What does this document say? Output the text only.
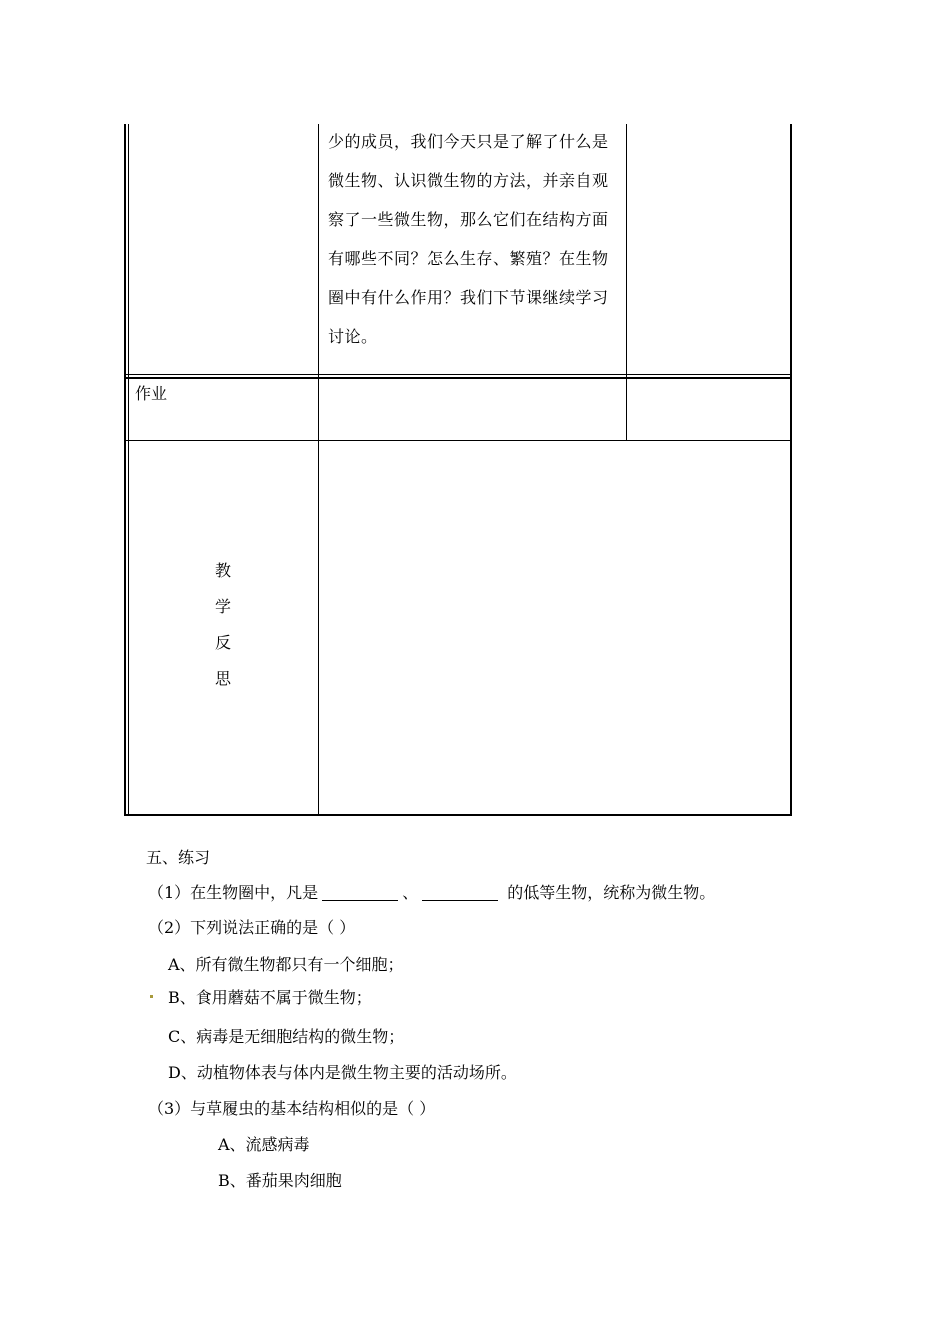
少的成员，我们今天只是了解了什么是
微生物、认识微生物的方法，并亲自观
察了一些微生物，那么它们在结构方面
有哪些不同？怎么生存、繁殖？在生物
圈中有什么作用？我们下节课继续学习
讨论。
作业
教
学
反
思
五、练习
（1）在生物圈中，凡是	、	的低等生物，统称为微生物。
（2）下列说法正确的是（ ）
A、所有微生物都只有一个细胞；
B、食用蘑菇不属于微生物；
C、病毒是无细胞结构的微生物；
D、动植物体表与体内是微生物主要的活动场所。
（3）与草履虫的基本结构相似的是（ ）
A、流感病毒
B、番茄果肉细胞
